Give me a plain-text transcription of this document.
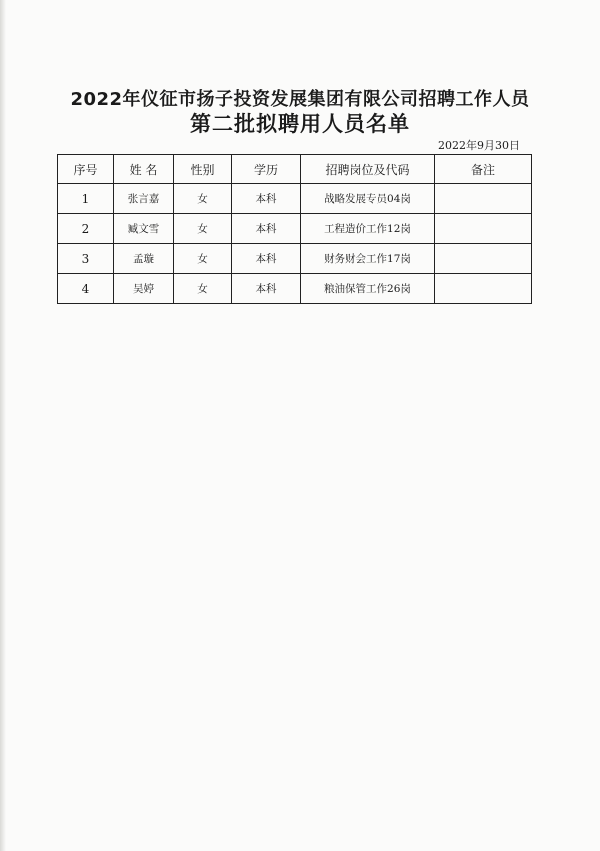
2022年仪征市扬子投资发展集团有限公司招聘工作人员
第二批拟聘用人员名单
2022年9月30日
序号	姓 名	性别	学历	招聘岗位及代码	备注
1	张言嘉	女	本科	战略发展专员04岗	
2	臧文雪	女	本科	工程造价工作12岗	
3	孟璇	女	本科	财务财会工作17岗	
4	吴婷	女	本科	粮油保管工作26岗	
